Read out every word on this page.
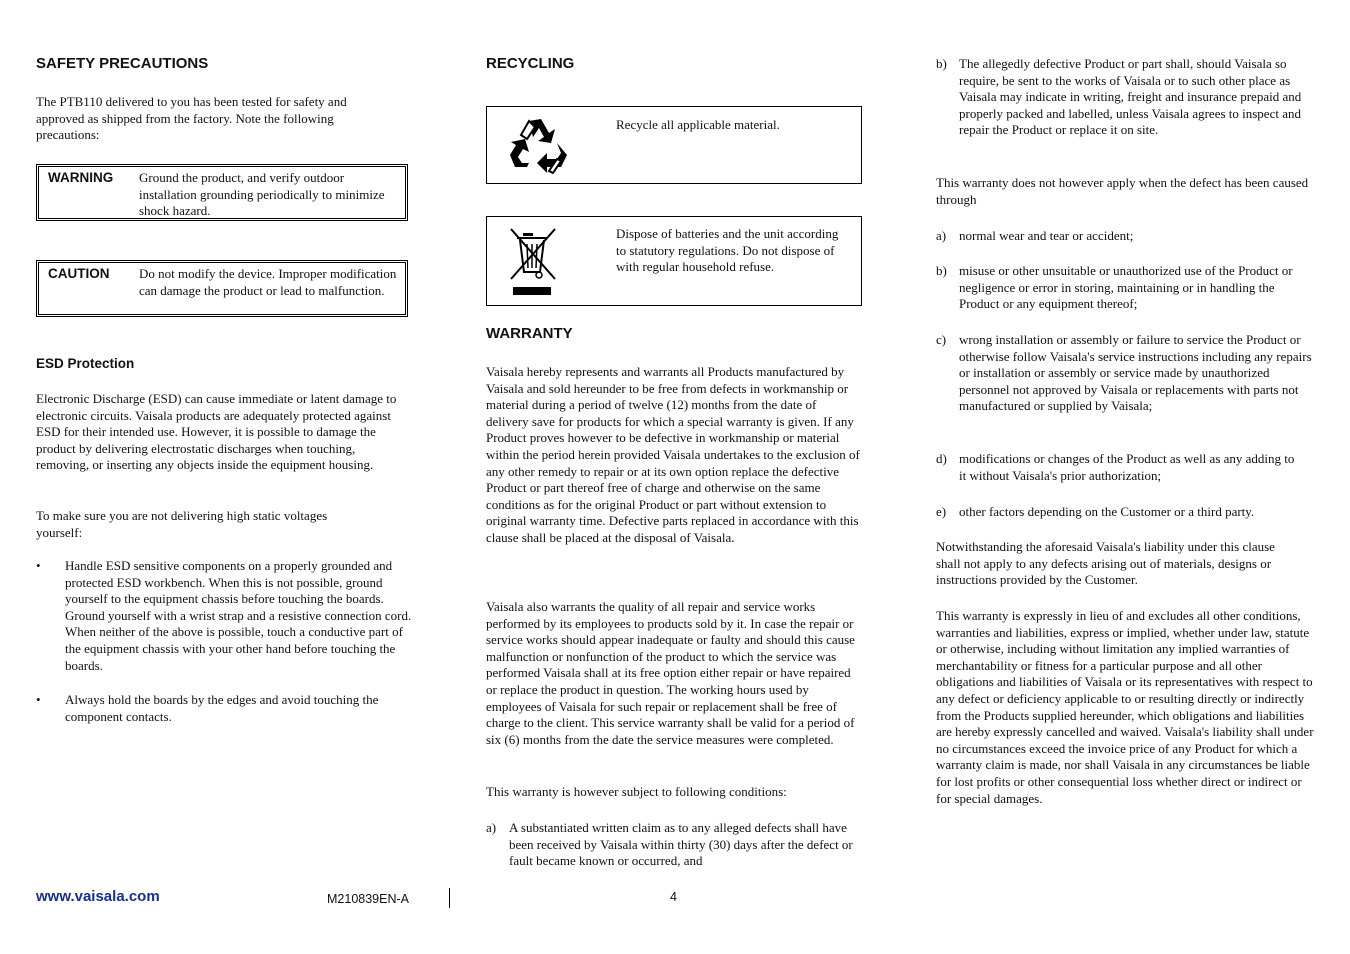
SAFETY PRECAUTIONS

The PTB110 delivered to you has been tested for safety and approved as shipped from the factory. Note the following precautions:

WARNING Ground the product, and verify outdoor installation grounding periodically to minimize shock hazard.
CAUTION Do not modify the device. Improper modification can damage the product or lead to malfunction.
ESD Protection

Electronic Discharge (ESD) can cause immediate or latent damage to electronic circuits. Vaisala products are adequately protected against ESD for their intended use. However, it is possible to damage the product by delivering electrostatic discharges when touching, removing, or inserting any objects inside the equipment housing.

To make sure you are not delivering high static voltages yourself:

• Handle ESD sensitive components on a properly grounded and protected ESD workbench. When this is not possible, ground yourself to the equipment chassis before touching the boards. Ground yourself with a wrist strap and a resistive connection cord. When neither of the above is possible, touch a conductive part of the equipment chassis with your other hand before touching the boards.
• Always hold the boards by the edges and avoid touching the component contacts.
RECYCLING
Recycle all applicable material.
Dispose of batteries and the unit according to statutory regulations. Do not dispose of with regular household refuse.
WARRANTY

Vaisala hereby represents and warrants all Products manufactured by Vaisala and sold hereunder to be free from defects in workmanship or material during a period of twelve (12) months from the date of delivery save for products for which a special warranty is given. If any Product proves however to be defective in workmanship or material within the period herein provided Vaisala undertakes to the exclusion of any other remedy to repair or at its own option replace the defective Product or part thereof free of charge and otherwise on the same conditions as for the original Product or part without extension to original warranty time. Defective parts replaced in accordance with this clause shall be placed at the disposal of Vaisala.

Vaisala also warrants the quality of all repair and service works performed by its employees to products sold by it. In case the repair or service works should appear inadequate or faulty and should this cause malfunction or nonfunction of the product to which the service was performed Vaisala shall at its free option either repair or have repaired or replace the product in question. The working hours used by employees of Vaisala for such repair or replacement shall be free of charge to the client. This service warranty shall be valid for a period of six (6) months from the date the service measures were completed.

This warranty is however subject to following conditions:

a) A substantiated written claim as to any alleged defects shall have been received by Vaisala within thirty (30) days after the defect or fault became known or occurred, and
b) The allegedly defective Product or part shall, should Vaisala so require, be sent to the works of Vaisala or to such other place as Vaisala may indicate in writing, freight and insurance prepaid and properly packed and labelled, unless Vaisala agrees to inspect and repair the Product or replace it on site.

This warranty does not however apply when the defect has been caused through

a) normal wear and tear or accident;
b) misuse or other unsuitable or unauthorized use of the Product or negligence or error in storing, maintaining or in handling the Product or any equipment thereof;
c) wrong installation or assembly or failure to service the Product or otherwise follow Vaisala's service instructions including any repairs or installation or assembly or service made by unauthorized personnel not approved by Vaisala or replacements with parts not manufactured or supplied by Vaisala;
d) modifications or changes of the Product as well as any adding to it without Vaisala's prior authorization;
e) other factors depending on the Customer or a third party.

Notwithstanding the aforesaid Vaisala's liability under this clause shall not apply to any defects arising out of materials, designs or instructions provided by the Customer.

This warranty is expressly in lieu of and excludes all other conditions, warranties and liabilities, express or implied, whether under law, statute or otherwise, including without limitation any implied warranties of merchantability or fitness for a particular purpose and all other obligations and liabilities of Vaisala or its representatives with respect to any defect or deficiency applicable to or resulting directly or indirectly from the Products supplied hereunder, which obligations and liabilities are hereby expressly cancelled and waived. Vaisala's liability shall under no circumstances exceed the invoice price of any Product for which a warranty claim is made, nor shall Vaisala in any circumstances be liable for lost profits or other consequential loss whether direct or indirect or for special damages.

www.vaisala.com	M210839EN-A	4
